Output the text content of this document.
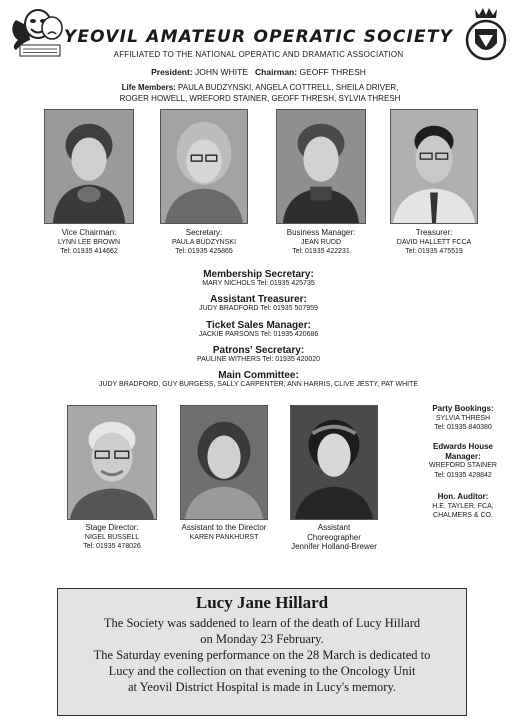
YEOVIL AMATEUR OPERATIC SOCIETY
AFFILIATED TO THE NATIONAL OPERATIC AND DRAMATIC ASSOCIATION
President: JOHN WHITE Chairman: GEOFF THRESH
Life Members: PAULA BUDZYNSKI, ANGELA COTTRELL, SHEILA DRIVER,
ROGER HOWELL, WREFORD STAINER, GEOFF THRESH, SYLVIA THRESH
Vice Chairman:
LYNN LEE BROWN
Tel: 01935 414662
Secretary:
PAULA BUDZYNSKI
Tel: 01935 425865
Business Manager:
JEAN RUDD
Tel: 01935 422231
Treasurer:
DAVID HALLETT FCCA
Tel: 01935 475519
Membership Secretary:
MARY NICHOLS Tel: 01935 425735
Assistant Treasurer:
JUDY BRADFORD Tel: 01935 507959
Ticket Sales Manager:
JACKIE PARSONS Tel: 01935 420686
Patrons' Secretary:
PAULINE WITHERS Tel: 01935 420020
Main Committee:
JUDY BRADFORD, GUY BURGESS, SALLY CARPENTER, ANN HARRIS, CLIVE JESTY, PAT WHITE
Stage Director:
NIGEL BUSSELL
Tel: 01935 478026
Assistant to the Director
KAREN PANKHURST
Assistant
Choreographer
Jennifer Holland-Brewer
Party Bookings:
SYLVIA THRESH
Tel: 01935 840380
Edwards House
Manager:
WREFORD STAINER
Tel: 01935 428842
Hon. Auditor:
H.E. TAYLER, FCA,
CHALMERS & CO.
Lucy Jane Hillard
The Society was saddened to learn of the death of Lucy Hillard
on Monday 23 February.
The Saturday evening performance on the 28 March is dedicated to
Lucy and the collection on that evening to the Oncology Unit
at Yeovil District Hospital is made in Lucy's memory.
